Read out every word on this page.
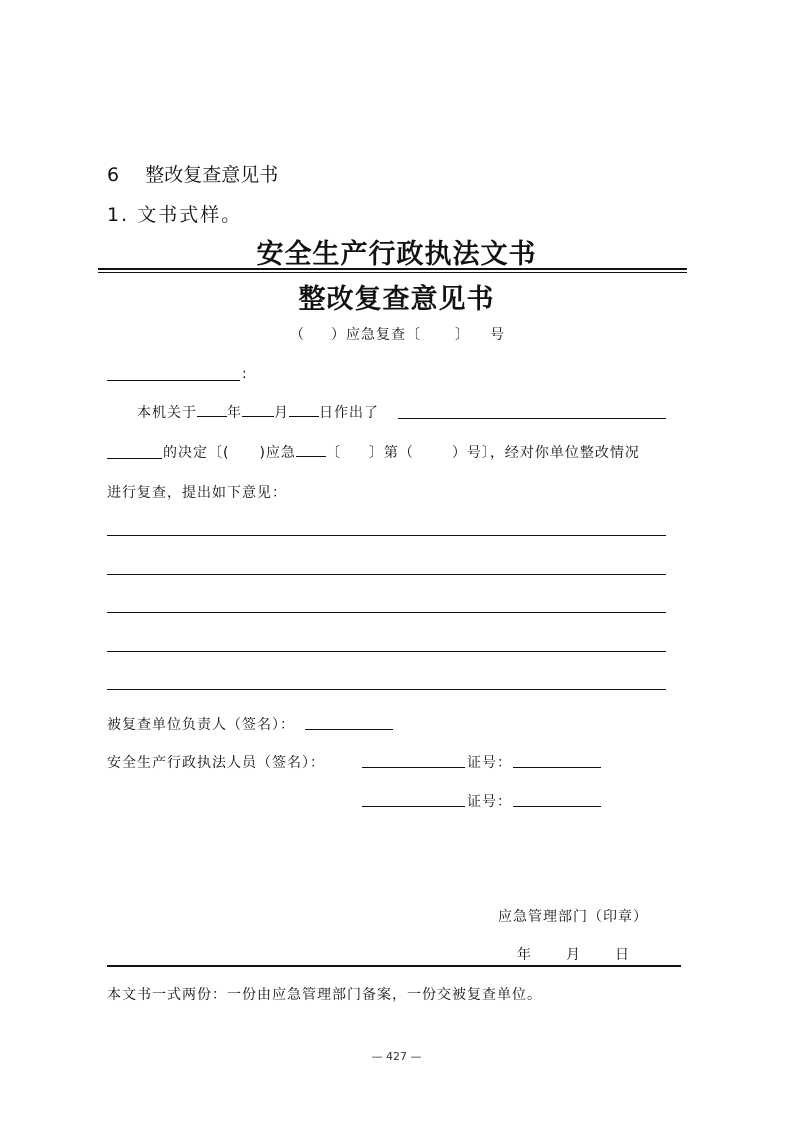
6 整改复查意见书
1. 文书式样。
安全生产行政执法文书
整改复查意见书
（ ）应急复查〔 〕 号
:
本机关于 年 月 日作出了
的决定〔( )应急 〔 〕第（	）号〕，经对你单位整改情况
进行复查，提出如下意见：
被复查单位负责人（签名）：
安全生产行政执法人员（签名）：	证号：
证号：
应急管理部门（印章）
年 月 日
本文书一式两份：一份由应急管理部门备案，一份交被复查单位。
— 427 —
